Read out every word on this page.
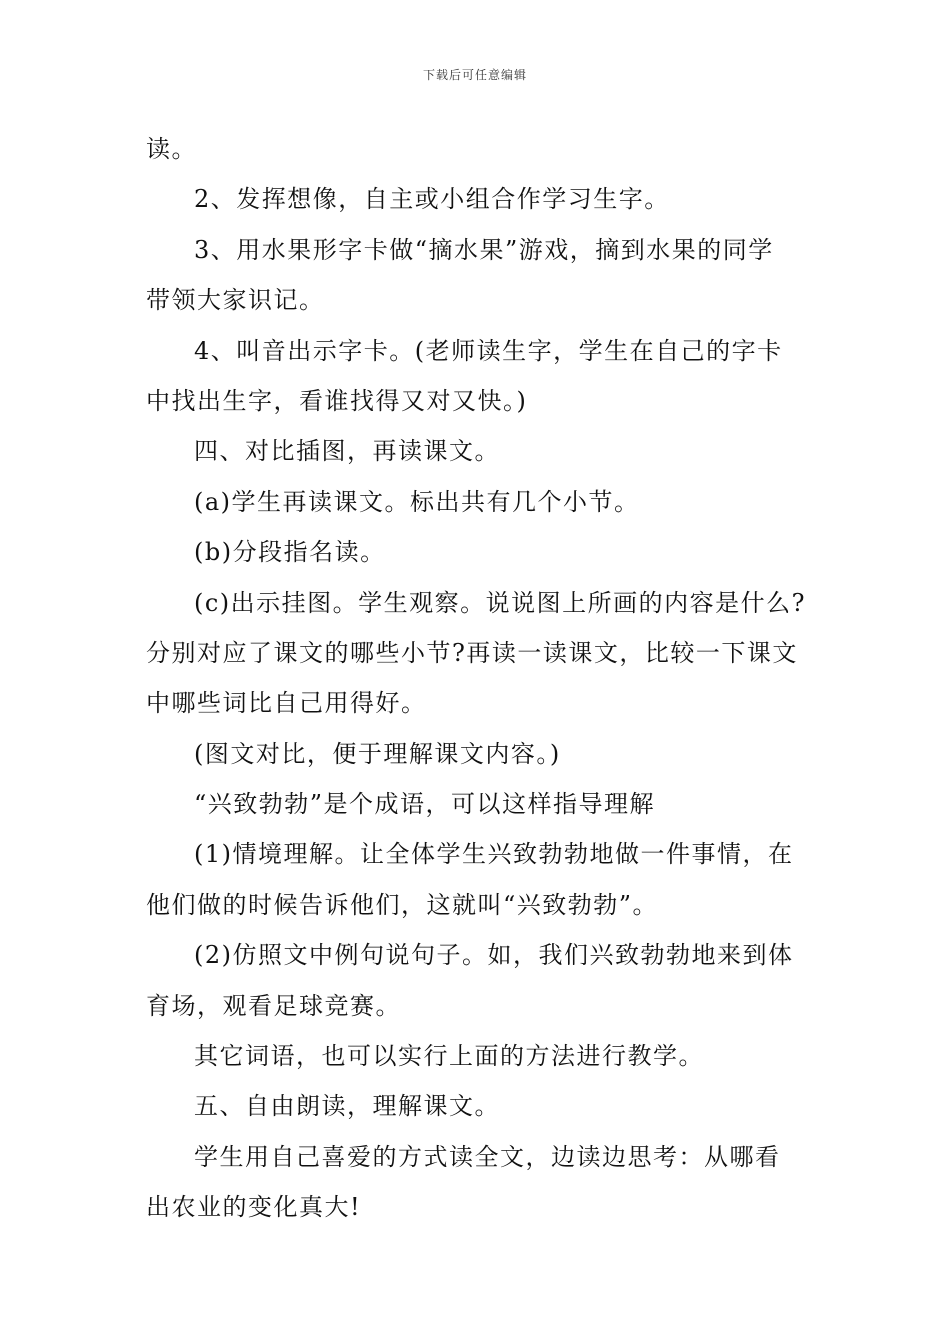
下载后可任意编辑
读。
2、发挥想像，自主或小组合作学习生字。
3、用水果形字卡做“摘水果”游戏，摘到水果的同学
带领大家识记。
4、叫音出示字卡。(老师读生字，学生在自己的字卡
中找出生字，看谁找得又对又快。)
四、对比插图，再读课文。
(a)学生再读课文。标出共有几个小节。
(b)分段指名读。
(c)出示挂图。学生观察。说说图上所画的内容是什么?
分别对应了课文的哪些小节?再读一读课文，比较一下课文
中哪些词比自己用得好。
(图文对比，便于理解课文内容。)
“兴致勃勃”是个成语，可以这样指导理解
(1)情境理解。让全体学生兴致勃勃地做一件事情，在
他们做的时候告诉他们，这就叫“兴致勃勃”。
(2)仿照文中例句说句子。如，我们兴致勃勃地来到体
育场，观看足球竞赛。
其它词语，也可以实行上面的方法进行教学。
五、自由朗读，理解课文。
学生用自己喜爱的方式读全文，边读边思考：从哪看
出农业的变化真大!
